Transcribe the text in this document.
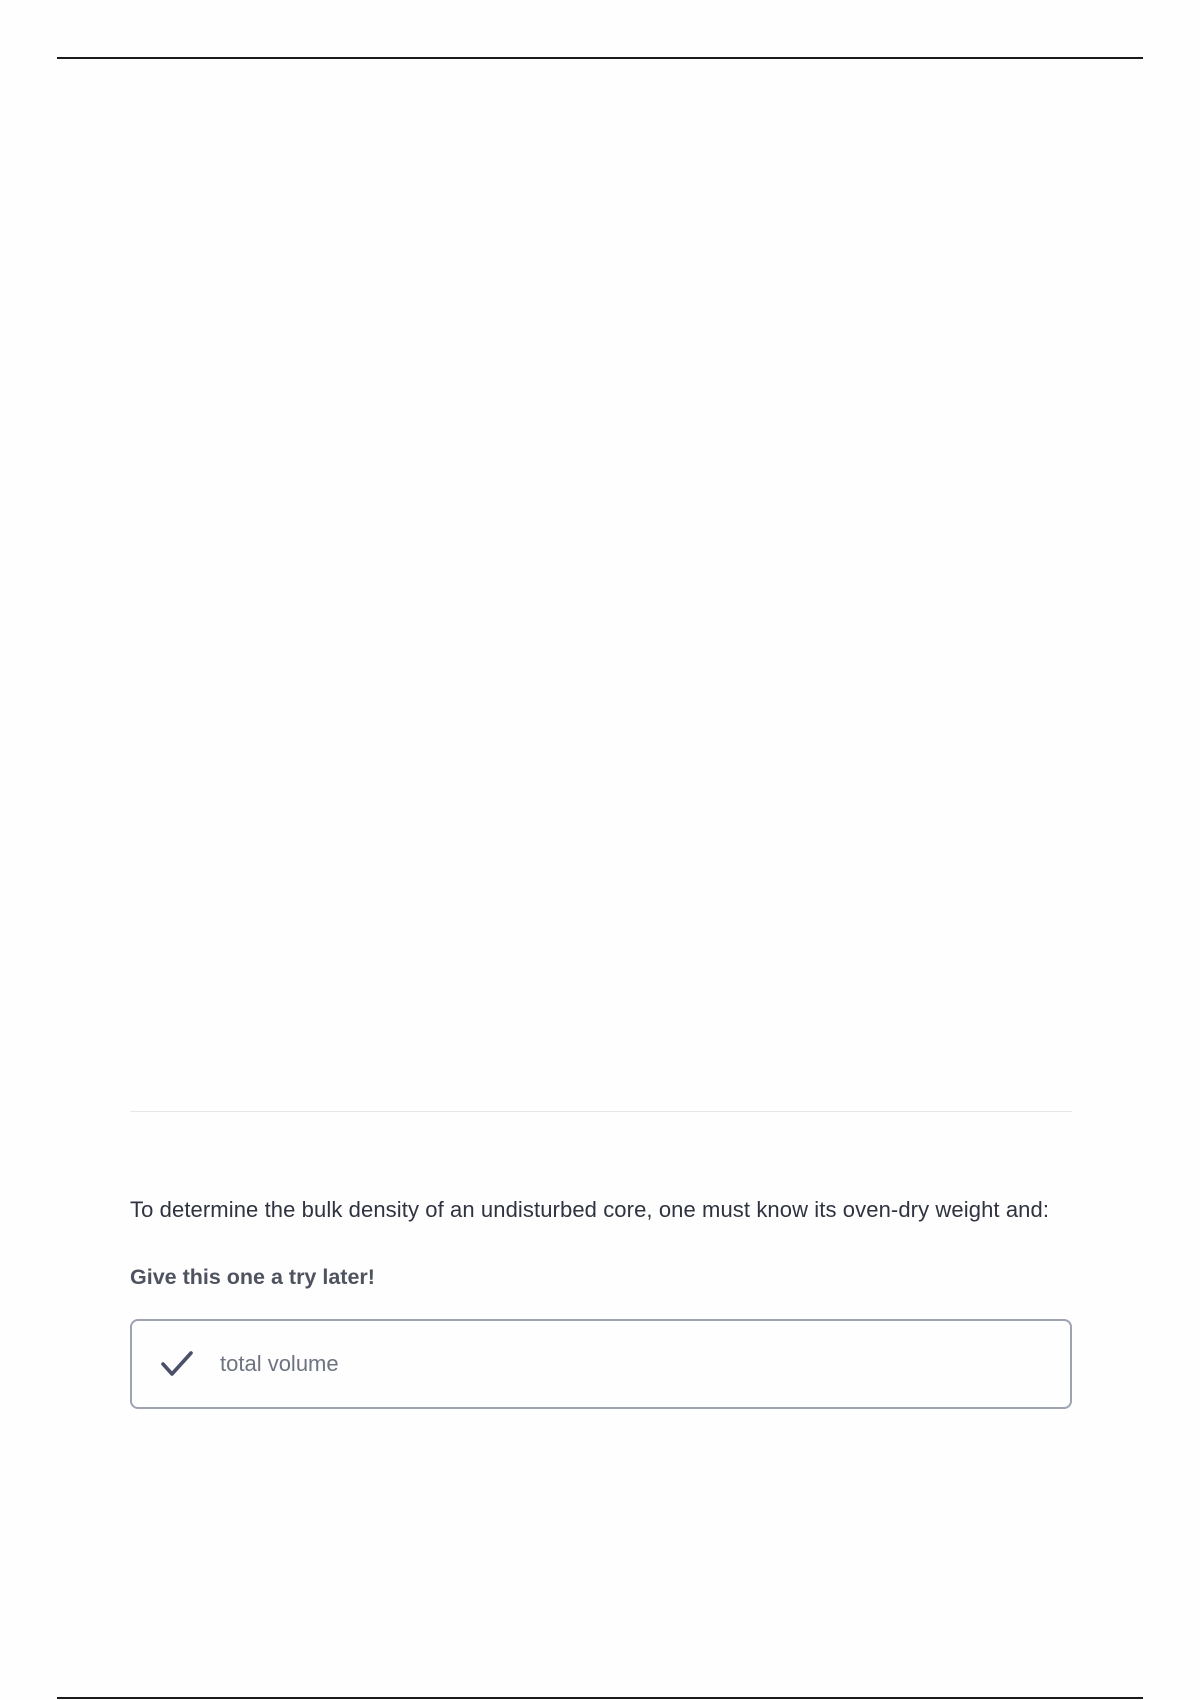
To determine the bulk density of an undisturbed core, one must know its oven-dry weight and:

Give this one a try later!

total volume
